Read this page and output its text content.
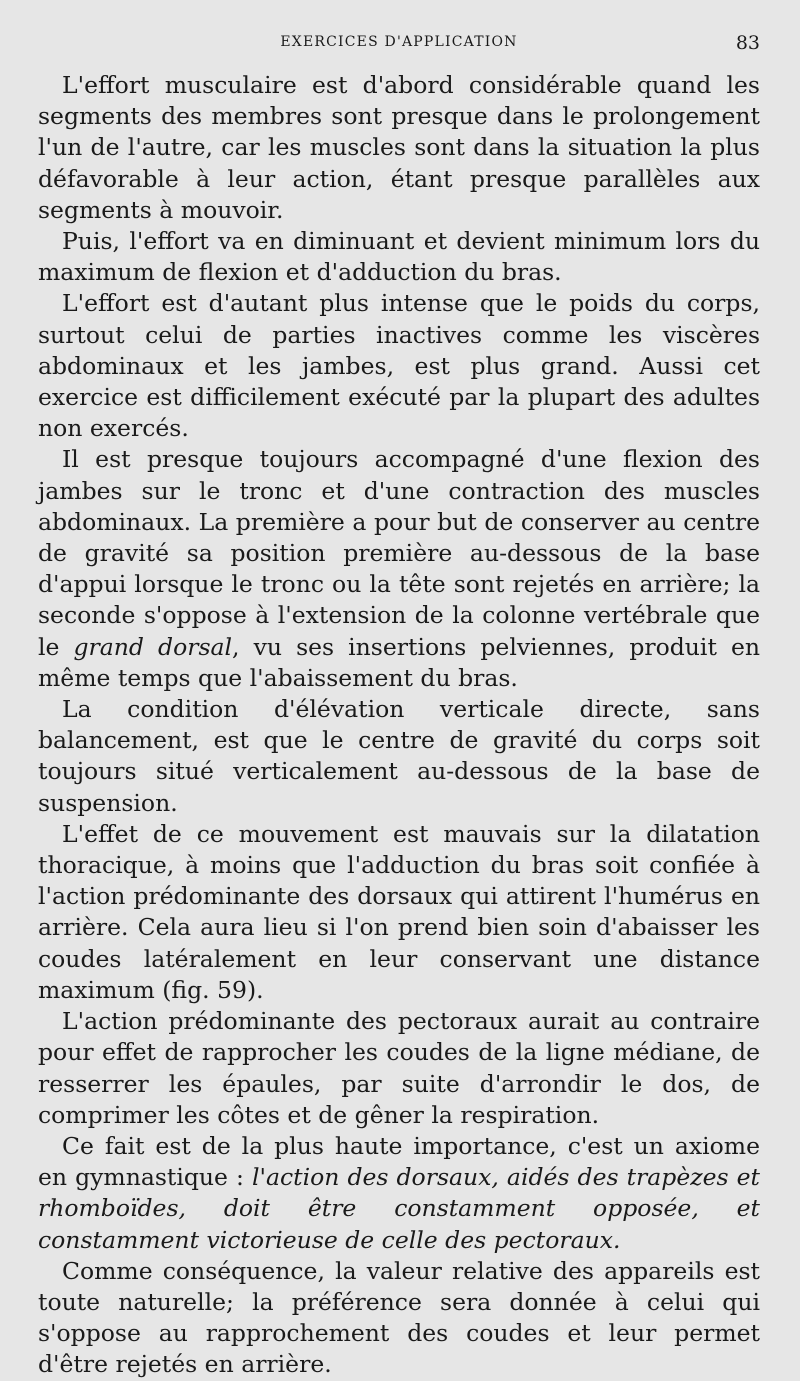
EXERCICES D'APPLICATION	83

L'effort musculaire est d'abord considérable quand les segments des membres sont presque dans le prolongement l'un de l'autre, car les muscles sont dans la situation la plus défavorable à leur action, étant presque parallèles aux segments à mouvoir.

Puis, l'effort va en diminuant et devient minimum lors du maximum de flexion et d'adduction du bras.

L'effort est d'autant plus intense que le poids du corps, surtout celui de parties inactives comme les viscères abdominaux et les jambes, est plus grand. Aussi cet exercice est difficilement exécuté par la plupart des adultes non exercés.

Il est presque toujours accompagné d'une flexion des jambes sur le tronc et d'une contraction des muscles abdominaux. La première a pour but de conserver au centre de gravité sa position première au-dessous de la base d'appui lorsque le tronc ou la tête sont rejetés en arrière; la seconde s'oppose à l'extension de la colonne vertébrale que le grand dorsal, vu ses insertions pelviennes, produit en même temps que l'abaissement du bras.

La condition d'élévation verticale directe, sans balancement, est que le centre de gravité du corps soit toujours situé verticalement au-dessous de la base de suspension.

L'effet de ce mouvement est mauvais sur la dilatation thoracique, à moins que l'adduction du bras soit confiée à l'action prédominante des dorsaux qui attirent l'humérus en arrière. Cela aura lieu si l'on prend bien soin d'abaisser les coudes latéralement en leur conservant une distance maximum (fig. 59).

L'action prédominante des pectoraux aurait au contraire pour effet de rapprocher les coudes de la ligne médiane, de resserrer les épaules, par suite d'arrondir le dos, de comprimer les côtes et de gêner la respiration.

Ce fait est de la plus haute importance, c'est un axiome en gymnastique : l'action des dorsaux, aidés des trapèzes et rhomboïdes, doit être constamment opposée, et constamment victorieuse de celle des pectoraux.

Comme conséquence, la valeur relative des appareils est toute naturelle; la préférence sera donnée à celui qui s'oppose au rapprochement des coudes et leur permet d'être rejetés en arrière.
